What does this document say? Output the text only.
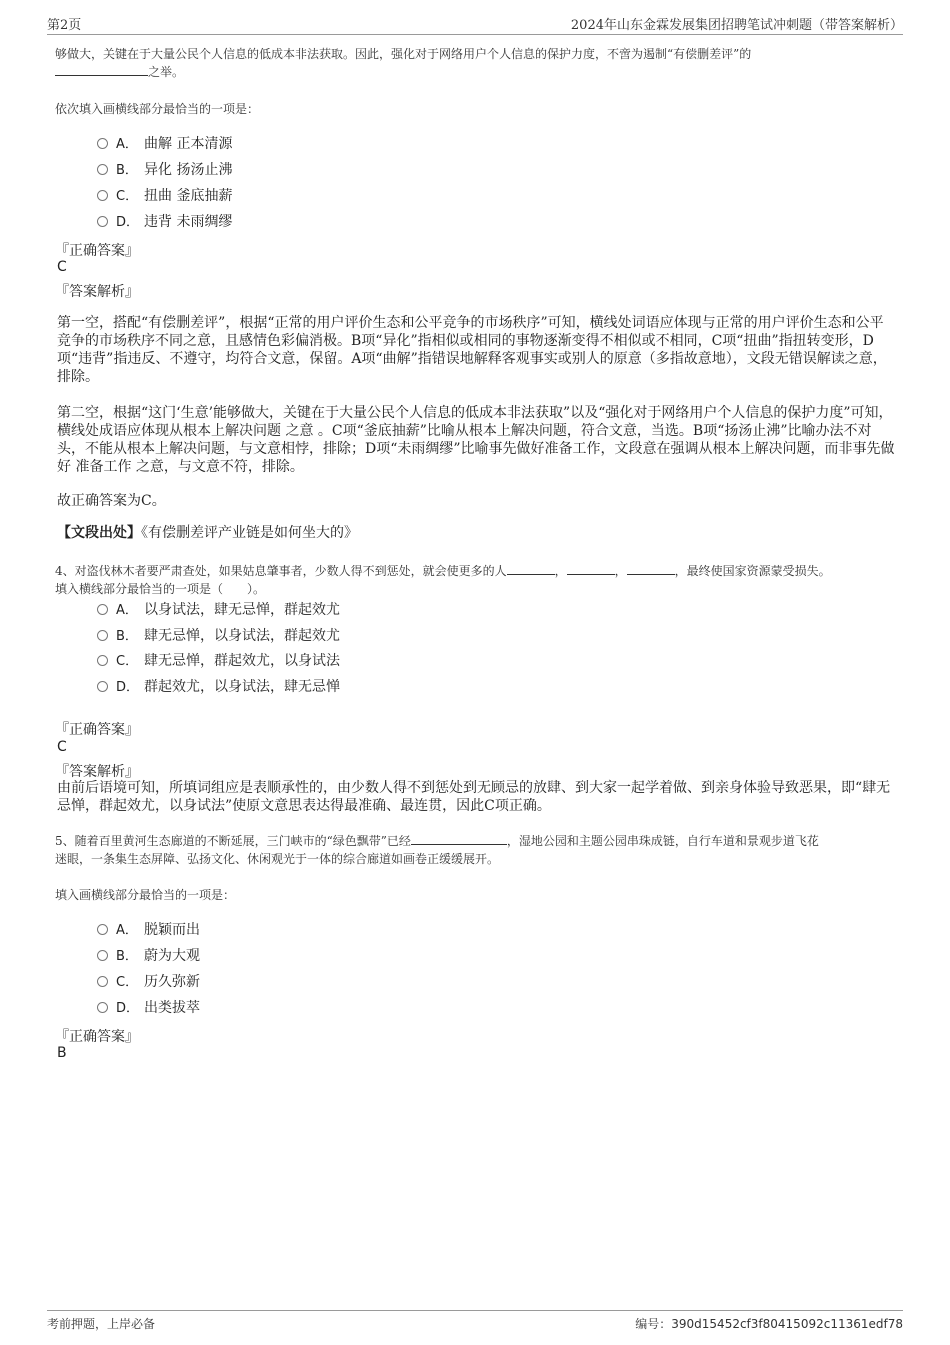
第2页	2024年山东金霖发展集团招聘笔试冲刺题（带答案解析）
够做大，关键在于大量公民个人信息的低成本非法获取。因此，强化对于网络用户个人信息的保护力度，不啻为遏制“有偿删差评”的
之举。
依次填入画横线部分最恰当的一项是：
A． 曲解 正本清源
B． 异化 扬汤止沸
C． 扭曲 釜底抽薪
D． 违背 未雨绸缪
『正确答案』
C
『答案解析』

第一空，搭配“有偿删差评”，根据“正常的用户评价生态和公平竞争的市场秩序”可知，横线处词语应体现与正常的用户评价生态和公平竞争的市场秩序不同之意，且感情色彩偏消极。B项“异化”指相似或相同的事物逐渐变得不相似或不相同，C项“扭曲”指扭转变形，D项“违背”指违反、不遵守，均符合文意，保留。A项“曲解”指错误地解释客观事实或别人的原意（多指故意地），文段无错误解读之意，排除。

第二空，根据“这门‘生意’能够做大，关键在于大量公民个人信息的低成本非法获取”以及“强化对于网络用户个人信息的保护力度”可知，横线处成语应体现从根本上解决问题 之意 。C项“釜底抽薪”比喻从根本上解决问题，符合文意，当选。B项“扬汤止沸”比喻办法不对头，不能从根本上解决问题，与文意相悖，排除；D项“未雨绸缪”比喻事先做好准备工作，文段意在强调从根本上解决问题，而非事先做好 准备工作 之意，与文意不符，排除。

故正确答案为C。

【文段出处】《有偿删差评产业链是如何坐大的》
4、对盗伐林木者要严肃查处，如果姑息肇事者，少数人得不到惩处，就会使更多的人	，	，	，最终使国家资源蒙受损失。
填入横线部分最恰当的一项是（　　）。
A． 以身试法，肆无忌惮，群起效尤
B． 肆无忌惮，以身试法，群起效尤
C． 肆无忌惮，群起效尤，以身试法
D． 群起效尤，以身试法，肆无忌惮
『正确答案』
C
『答案解析』

由前后语境可知，所填词组应是表顺承性的，由少数人得不到惩处到无顾忌的放肆、到大家一起学着做、到亲身体验导致恶果，即“肆无忌惮，群起效尤，以身试法”使原文意思表达得最准确、最连贯，因此C项正确。

5、随着百里黄河生态廊道的不断延展，三门峡市的“绿色飘带”已经	，湿地公园和主题公园串珠成链，自行车道和景观步道飞花
迷眼，一条集生态屏障、弘扬文化、休闲观光于一体的综合廊道如画卷正缓缓展开。
填入画横线部分最恰当的一项是：
A． 脱颖而出
B． 蔚为大观
C． 历久弥新
D． 出类拔萃
『正确答案』
B
考前押题，上岸必备	编号：390d15452cf3f80415092c11361edf78
